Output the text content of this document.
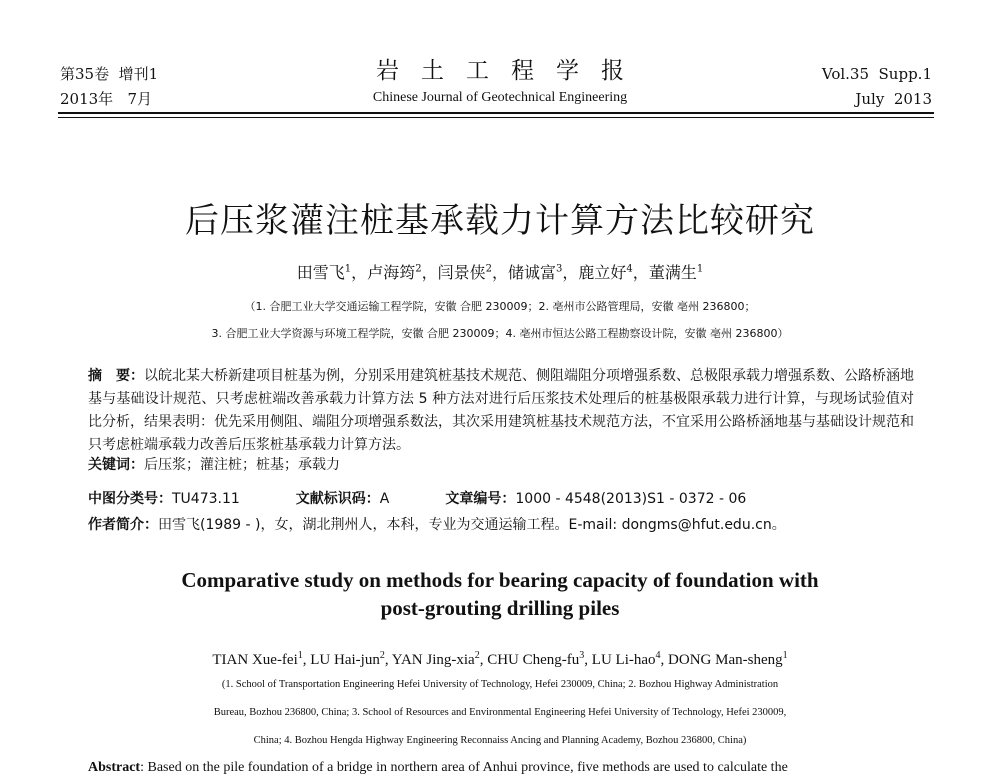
第35卷  增刊1
2013年   7月
岩土工程学报
Chinese Journal of Geotechnical Engineering
Vol.35  Supp.1
July  2013
后压浆灌注桩基承载力计算方法比较研究
田雪飞$^1$，卢海筠$^2$，闫景侠$^2$，储诚富$^3$，鹿立好$^4$，董满生$^1$
（1. 合肥工业大学交通运输工程学院，安徽 合肥 230009；2. 亳州市公路管理局，安徽 亳州 236800；
3. 合肥工业大学资源与环境工程学院，安徽 合肥 230009；4. 亳州市恒达公路工程勘察设计院，安徽 亳州 236800）
摘　要：以皖北某大桥新建项目桩基为例，分别采用建筑桩基技术规范、侧阻端阻分项增强系数、总极限承载力增强系数、公路桥涵地基与基础设计规范、只考虑桩端改善承载力计算方法 5 种方法对进行后压浆技术处理后的桩基极限承载力进行计算，与现场试验值对比分析，结果表明：优先采用侧阻、端阻分项增强系数法，其次采用建筑桩基技术规范方法，不宜采用公路桥涵地基与基础设计规范和只考虑桩端承载力改善后压浆桩基承载力计算方法。
关键词：后压浆；灌注桩；桩基；承载力
中图分类号：TU473.11	文献标识码：A	文章编号：1000 - 4548(2013)S1 - 0372 - 06
作者简介：田雪飞(1989 - )，女，湖北荆州人，本科，专业为交通运输工程。E-mail: dongms@hfut.edu.cn。
Comparative study on methods for bearing capacity of foundation with
post-grouting drilling piles
TIAN Xue-fei$^1$, LU Hai-jun$^2$, YAN Jing-xia$^2$, CHU Cheng-$fu^3$, LU Li-hao$^4$, DONG Man-sheng$^1$
(1. School of Transportation Engineering Hefei University of Technology, Hefei 230009, China; 2. Bozhou Highway Administration
Bureau, Bozhou 236800, China; 3. School of Resources and Environmental Engineering Hefei University of Technology, Hefei 230009,
China; 4. Bozhou Hengda Highway Engineering Reconnaiss Ancing and Planning Academy, Bozhou 236800, China)
Abstract: Based on the pile foundation of a bridge in northern area of Anhui province, five methods are used to calculate the
